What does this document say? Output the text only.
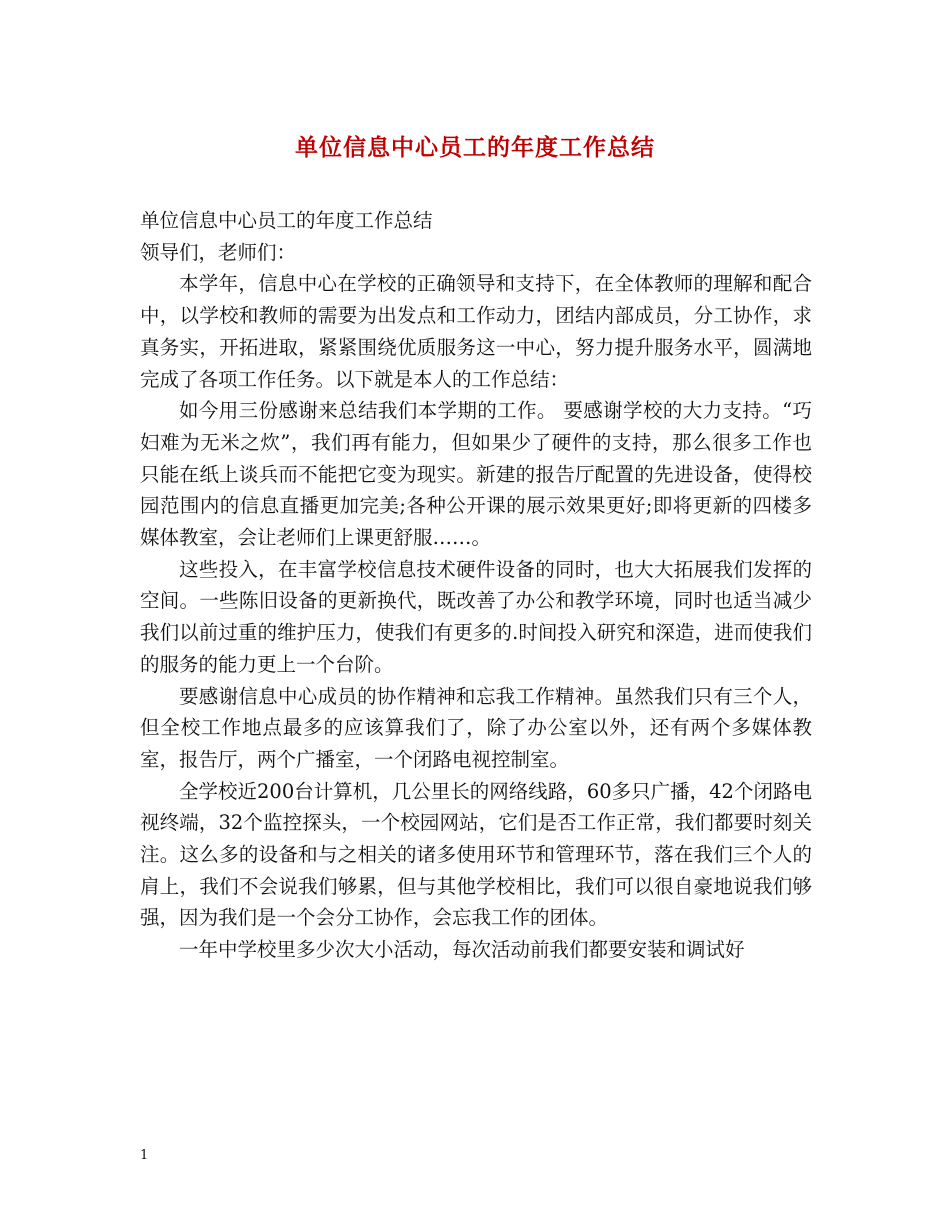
单位信息中心员工的年度工作总结

单位信息中心员工的年度工作总结

领导们，老师们：

本学年，信息中心在学校的正确领导和支持下，在全体教师的理解和配合中，以学校和教师的需要为出发点和工作动力，团结内部成员，分工协作，求真务实，开拓进取，紧紧围绕优质服务这一中心，努力提升服务水平，圆满地完成了各项工作任务。以下就是本人的工作总结：

如今用三份感谢来总结我们本学期的工作。 要感谢学校的大力支持。“巧妇难为无米之炊”，我们再有能力，但如果少了硬件的支持，那么很多工作也只能在纸上谈兵而不能把它变为现实。新建的报告厅配置的先进设备，使得校园范围内的信息直播更加完美;各种公开课的展示效果更好;即将更新的四楼多媒体教室，会让老师们上课更舒服……。

这些投入，在丰富学校信息技术硬件设备的同时，也大大拓展我们发挥的空间。一些陈旧设备的更新换代，既改善了办公和教学环境，同时也适当减少我们以前过重的维护压力，使我们有更多的.时间投入研究和深造，进而使我们的服务的能力更上一个台阶。

要感谢信息中心成员的协作精神和忘我工作精神。虽然我们只有三个人，但全校工作地点最多的应该算我们了，除了办公室以外，还有两个多媒体教室，报告厅，两个广播室，一个闭路电视控制室。

全学校近200台计算机，几公里长的网络线路，60多只广播，42个闭路电视终端，32个监控探头，一个校园网站，它们是否工作正常，我们都要时刻关注。这么多的设备和与之相关的诸多使用环节和管理环节，落在我们三个人的肩上，我们不会说我们够累，但与其他学校相比，我们可以很自豪地说我们够强，因为我们是一个会分工协作，会忘我工作的团体。

一年中学校里多少次大小活动，每次活动前我们都要安装和调试好

1
